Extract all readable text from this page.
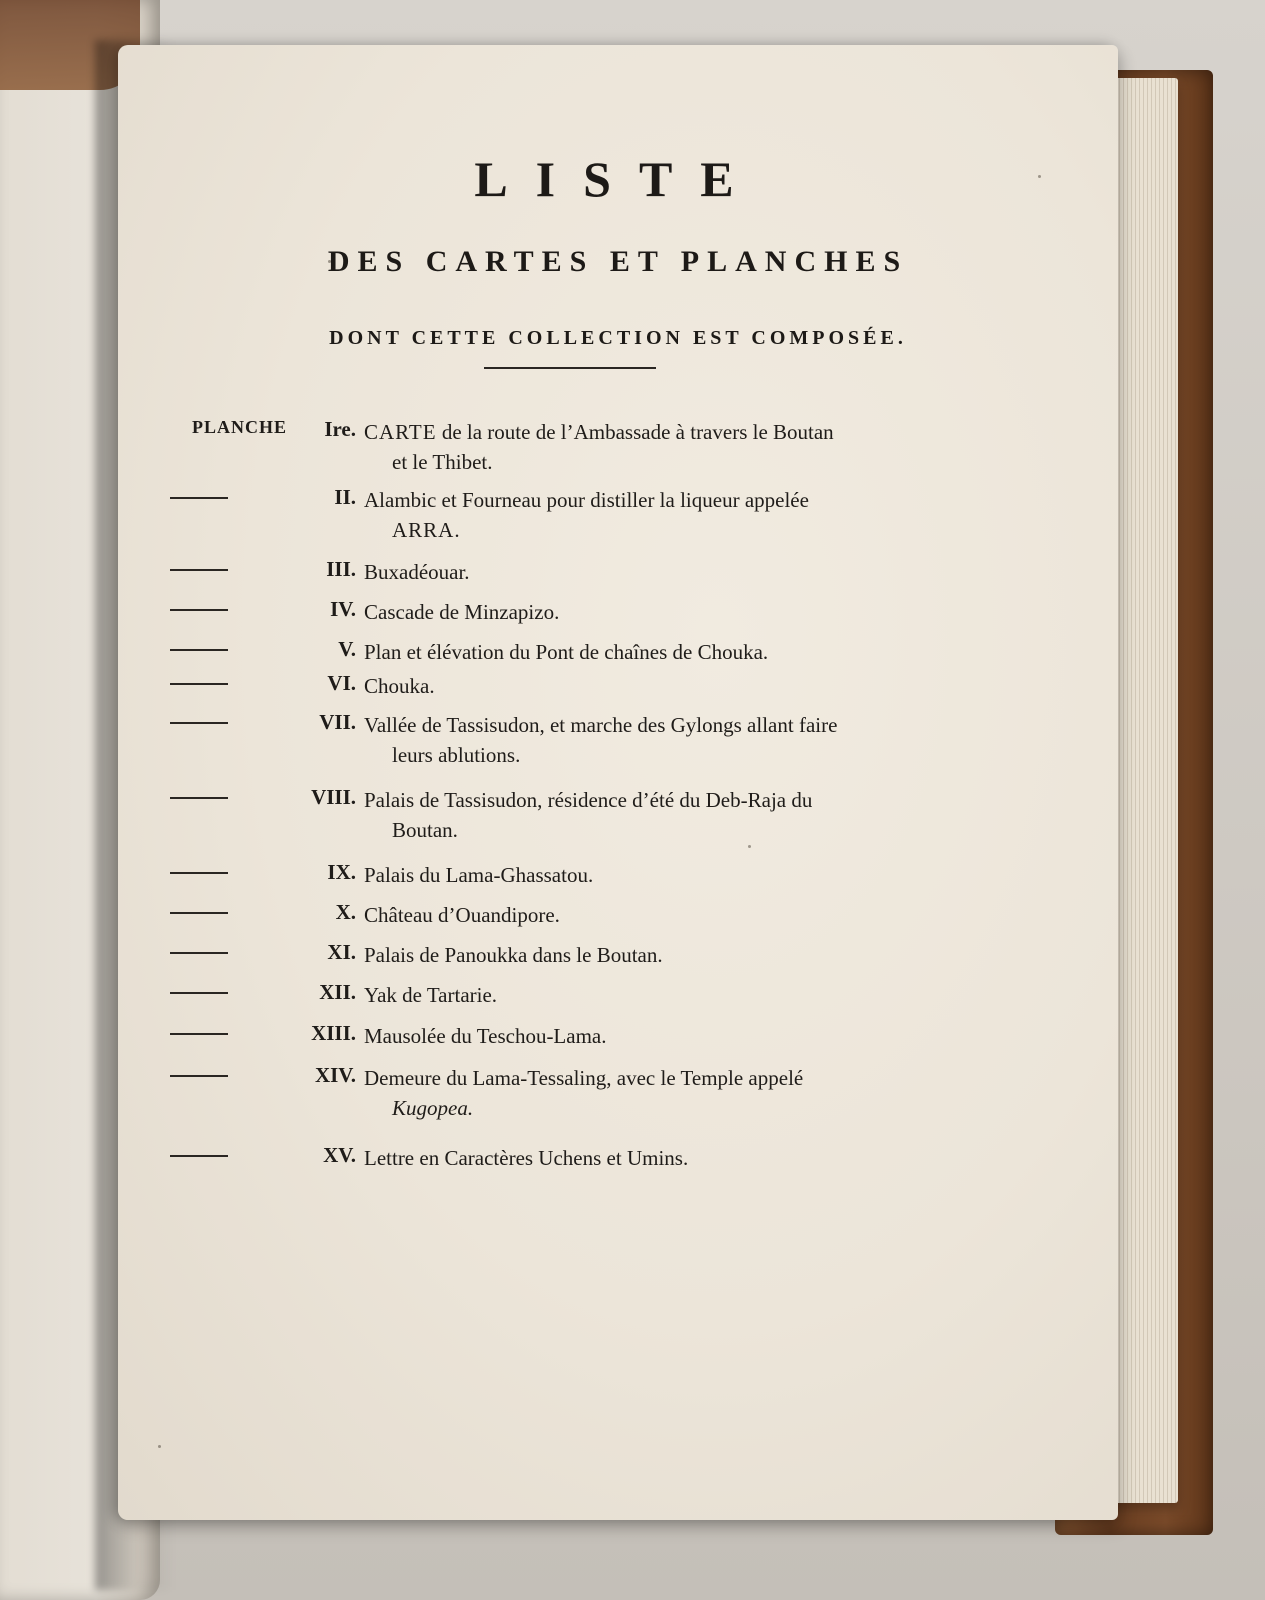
LISTE
DES CARTES ET PLANCHES
DONT CETTE COLLECTION EST COMPOSÉE.
PLANCHE	Ire. CARTE de la route de l’Ambassade à travers le Boutan
et le Thibet.
II. Alambic et Fourneau pour distiller la liqueur appelée
ARRA.
III. Buxadéouar.
IV. Cascade de Minzapizo.
V. Plan et élévation du Pont de chaînes de Chouka.
VI. Chouka.
VII. Vallée de Tassisudon, et marche des Gylongs allant faire
leurs ablutions.
VIII. Palais de Tassisudon, résidence d’été du Deb-Raja du
Boutan.
IX. Palais du Lama-Ghassatou.
X. Château d’Ouandipore.
XI. Palais de Panoukka dans le Boutan.
XII. Yak de Tartarie.
XIII. Mausolée du Teschou-Lama.
XIV. Demeure du Lama-Tessaling, avec le Temple appelé
Kugopea.
XV. Lettre en Caractères Uchens et Umins.
